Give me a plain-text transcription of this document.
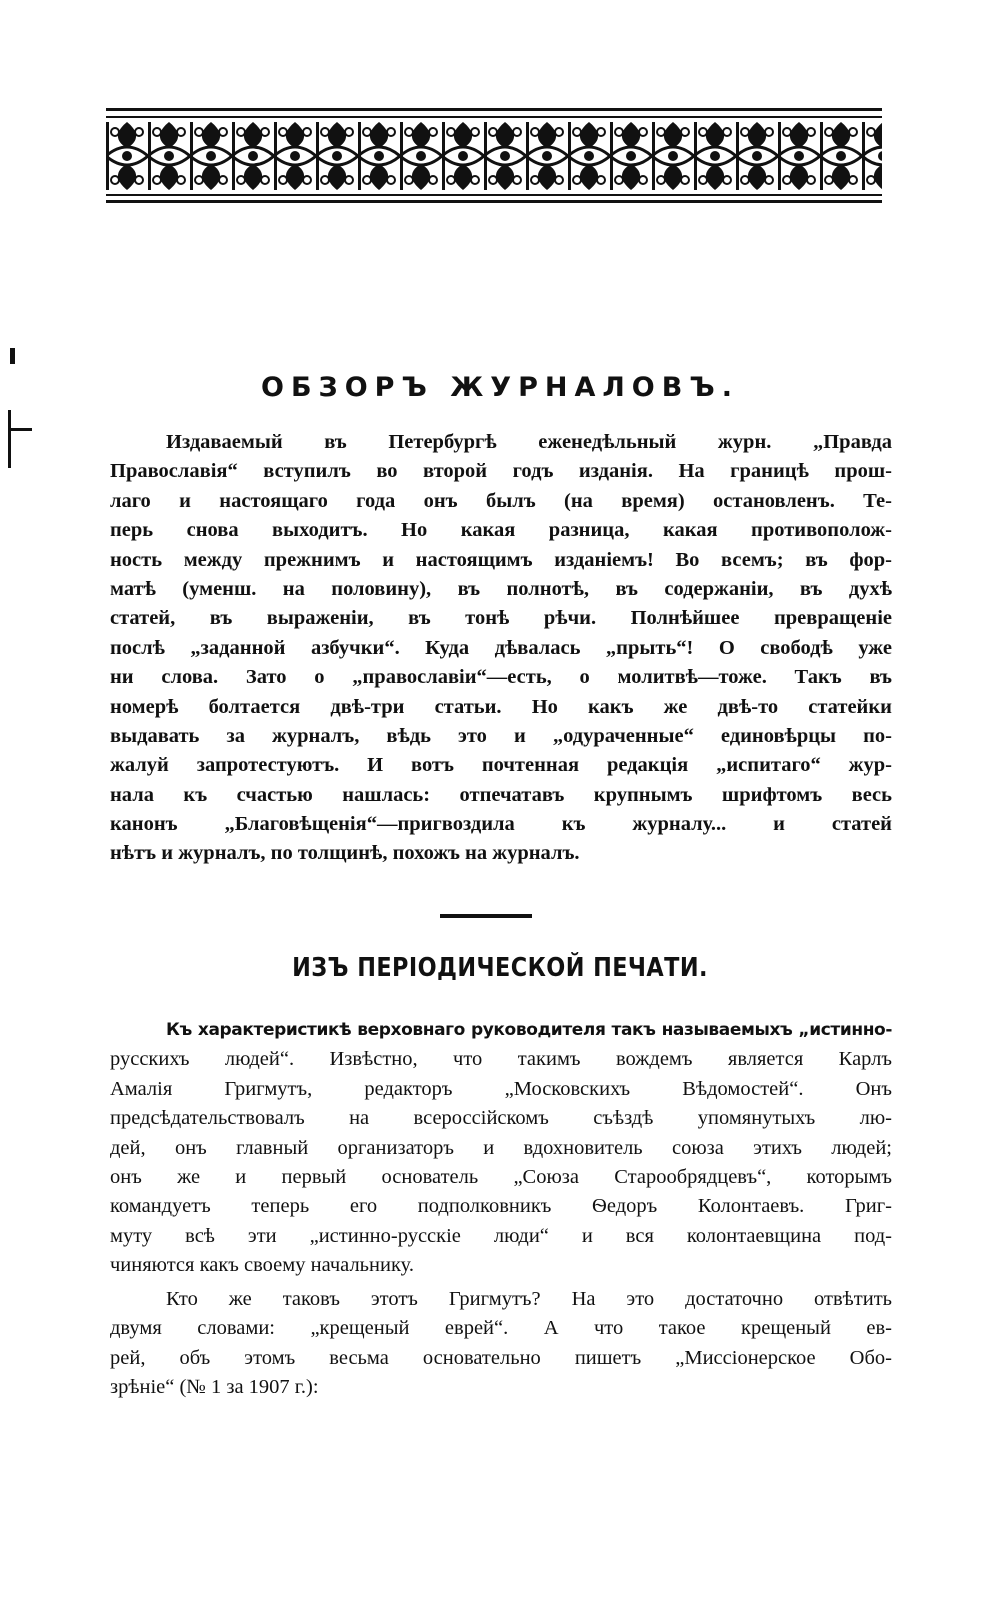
ОБЗОРЪ ЖУРНАЛОВЪ.
Издаваемый въ Петербургѣ еженедѣльный журн. „Правда
Православія“ вступилъ во второй годъ изданія. На границѣ прош-
лаго и настоящаго года онъ былъ (на время) остановленъ. Те-
перь снова выходитъ. Но какая разница, какая противополож-
ность между прежнимъ и настоящимъ изданіемъ! Во всемъ; въ фор-
матѣ (уменш. на половину), въ полнотѣ, въ содержаніи, въ духѣ
статей, въ выраженіи, въ тонѣ рѣчи. Полнѣйшее превращеніе
послѣ „заданной азбучки“. Куда дѣвалась „прыть“! О свободѣ уже
ни слова. Зато о „православіи“—есть, о молитвѣ—тоже. Такъ въ
номерѣ болтается двѣ-три статьи. Но какъ же двѣ-то статейки
выдавать за журналъ, вѣдь это и „одураченные“ единовѣрцы по-
жалуй запротестуютъ. И вотъ почтенная редакція „испитаго“ жур-
нала къ счастью нашлась: отпечатавъ крупнымъ шрифтомъ весь
канонъ „Благовѣщенія“—пригвоздила къ журналу... и статей
нѣтъ и журналъ, по толщинѣ, похожъ на журналъ.
ИЗЪ ПЕРІОДИЧЕСКОЙ ПЕЧАТИ.
Къ характеристикѣ верховнаго руководителя такъ называемыхъ „истинно-
русскихъ людей“. Извѣстно, что такимъ вождемъ является Карлъ
Амалія Григмутъ, редакторъ „Московскихъ Вѣдомостей“. Онъ
предсѣдательствовалъ на всероссійскомъ съѣздѣ упомянутыхъ лю-
дей, онъ главный организаторъ и вдохновитель союза этихъ людей;
онъ же и первый основатель „Союза Старообрядцевъ“, которымъ
командуетъ теперь его подполковникъ Ѳедоръ Колонтаевъ. Григ-
муту всѣ эти „истинно-русскіе люди“ и вся колонтаевщина под-
чиняются какъ своему начальнику.
Кто же таковъ этотъ Григмутъ? На это достаточно отвѣтить
двумя словами: „крещеный еврей“. А что такое крещеный ев-
рей, объ этомъ весьма основательно пишетъ „Миссіонерское Обо-
зрѣніе“ (№ 1 за 1907 г.):
